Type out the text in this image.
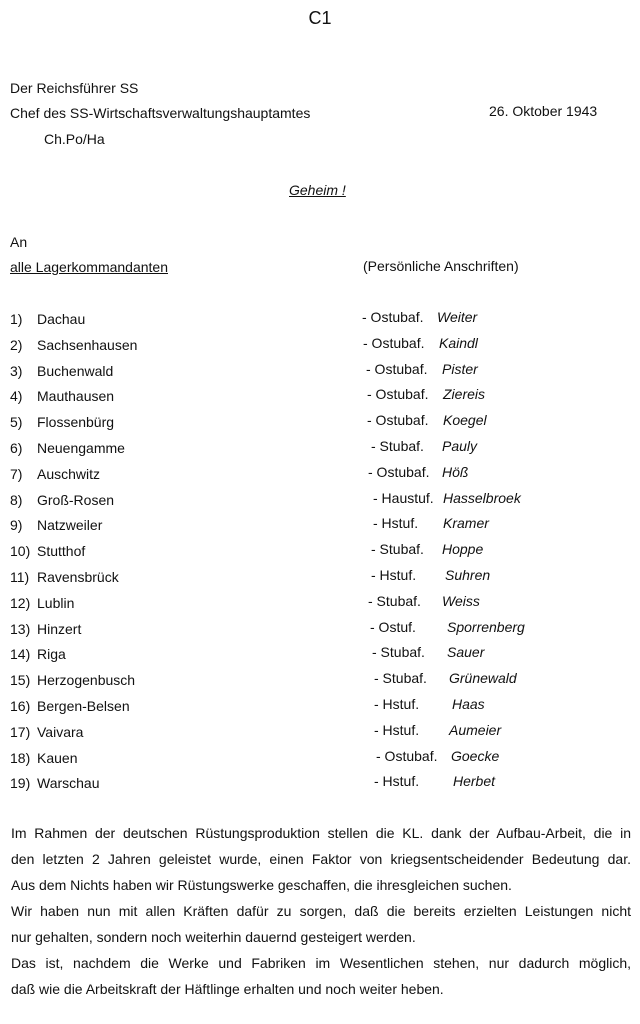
C1
Der Reichsführer SS
Chef des SS-Wirtschaftsverwaltungshauptamtes	26. Oktober 1943
Ch.Po/Ha
Geheim !
An
alle Lagerkommandanten	(Persönliche Anschriften)
1) Dachau	- Ostubaf. Weiter
2) Sachsenhausen	- Ostubaf. Kaindl
3) Buchenwald	- Ostubaf. Pister
4) Mauthausen	- Ostubaf. Ziereis
5) Flossenbürg	- Ostubaf. Koegel
6) Neuengamme	- Stubaf. Pauly
7) Auschwitz	- Ostubaf. Höß
8) Groß-Rosen	- Haustuf. Hasselbroek
9) Natzweiler	- Hstuf. Kramer
10) Stutthof	- Stubaf. Hoppe
11) Ravensbrück	- Hstuf. Suhren
12) Lublin	- Stubaf. Weiss
13) Hinzert	- Ostuf. Sporrenberg
14) Riga	- Stubaf. Sauer
15) Herzogenbusch	- Stubaf. Grünewald
16) Bergen-Belsen	- Hstuf. Haas
17) Vaivara	- Hstuf. Aumeier
18) Kauen	- Ostubaf. Goecke
19) Warschau	- Hstuf. Herbet

Im Rahmen der deutschen Rüstungsproduktion stellen die KL. dank der Aufbau-Arbeit, die in

den letzten 2 Jahren geleistet wurde, einen Faktor von kriegsentscheidender Bedeutung dar.

Aus dem Nichts haben wir Rüstungswerke geschaffen, die ihresgleichen suchen.

Wir haben nun mit allen Kräften dafür zu sorgen, daß die bereits erzielten Leistungen nicht

nur gehalten, sondern noch weiterhin dauernd gesteigert werden.

Das ist, nachdem die Werke und Fabriken im Wesentlichen stehen, nur dadurch möglich,

daß wie die Arbeitskraft der Häftlinge erhalten und noch weiter heben.
